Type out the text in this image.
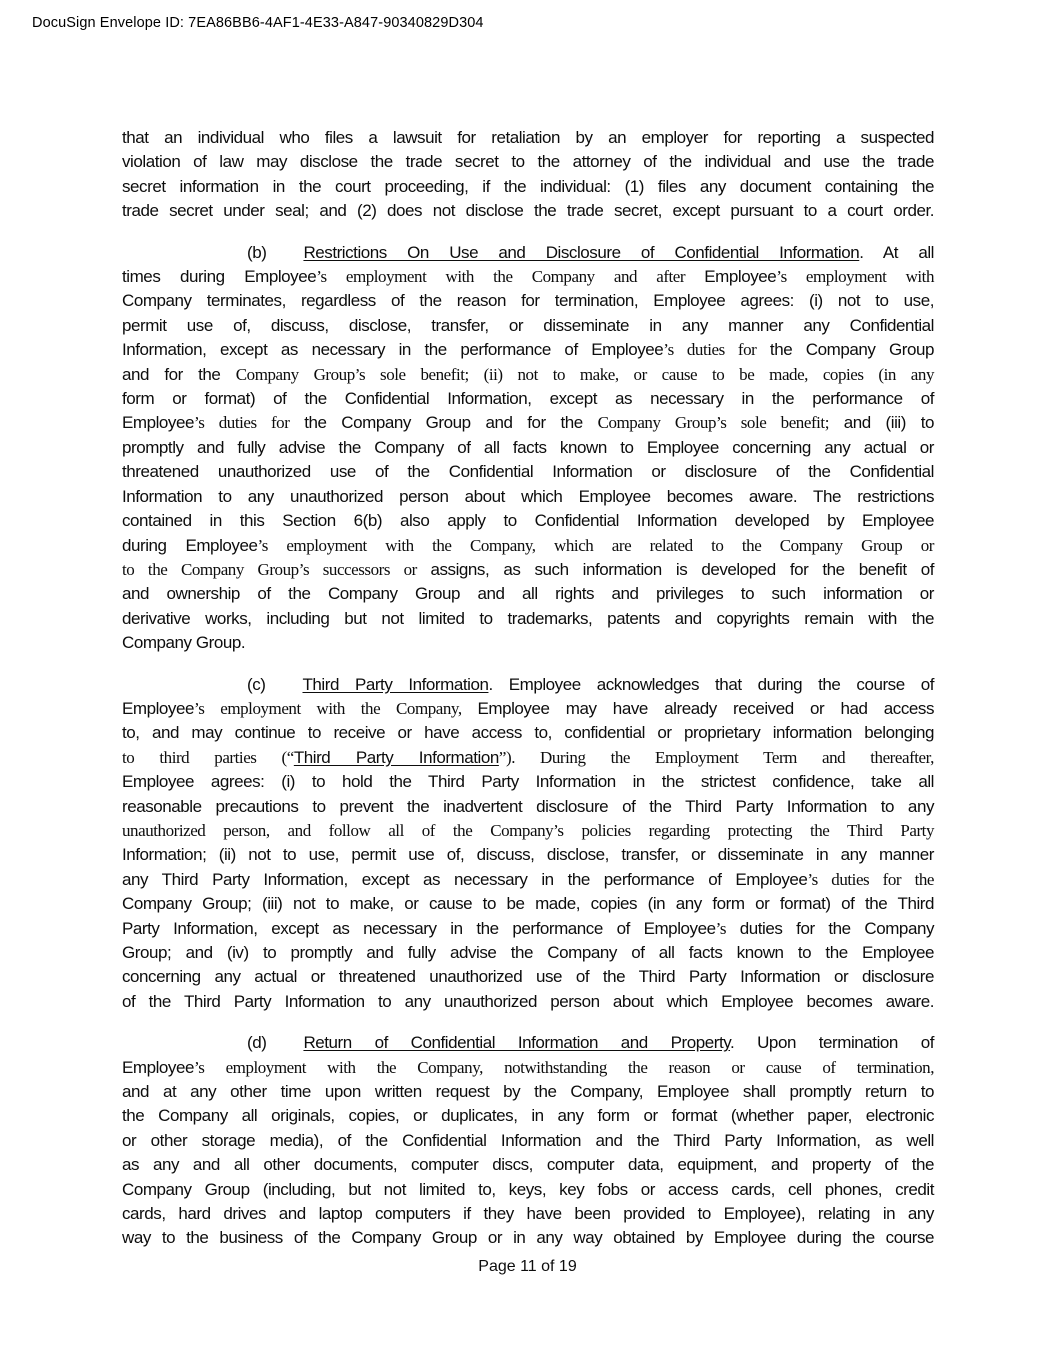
DocuSign Envelope ID: 7EA86BB6-4AF1-4E33-A847-90340829D304
that an individual who files a lawsuit for retaliation by an employer for reporting a suspected
violation of law may disclose the trade secret to the attorney of the individual and use the trade
secret information in the court proceeding, if the individual: (1) files any document containing the
trade secret under seal; and (2) does not disclose the trade secret, except pursuant to a court order.
(b) Restrictions On Use and Disclosure of Confidential Information. At all
times during Employee’s employment with the Company and after Employee’s employment with
Company terminates, regardless of the reason for termination, Employee agrees: (i) not to use,
permit use of, discuss, disclose, transfer, or disseminate in any manner any Confidential
Information, except as necessary in the performance of Employee’s duties for the Company Group
and for the Company Group’s sole benefit; (ii) not to make, or cause to be made, copies (in any
form or format) of the Confidential Information, except as necessary in the performance of
Employee’s duties for the Company Group and for the Company Group’s sole benefit; and (iii) to
promptly and fully advise the Company of all facts known to Employee concerning any actual or
threatened unauthorized use of the Confidential Information or disclosure of the Confidential
Information to any unauthorized person about which Employee becomes aware. The restrictions
contained in this Section 6(b) also apply to Confidential Information developed by Employee
during Employee’s employment with the Company, which are related to the Company Group or
to the Company Group’s successors or assigns, as such information is developed for the benefit of
and ownership of the Company Group and all rights and privileges to such information or
derivative works, including but not limited to trademarks, patents and copyrights remain with the
Company Group.
(c) Third Party Information. Employee acknowledges that during the course of
Employee’s employment with the Company, Employee may have already received or had access
to, and may continue to receive or have access to, confidential or proprietary information belonging
to third parties (“Third Party Information”). During the Employment Term and thereafter,
Employee agrees: (i) to hold the Third Party Information in the strictest confidence, take all
reasonable precautions to prevent the inadvertent disclosure of the Third Party Information to any
unauthorized person, and follow all of the Company’s policies regarding protecting the Third Party
Information; (ii) not to use, permit use of, discuss, disclose, transfer, or disseminate in any manner
any Third Party Information, except as necessary in the performance of Employee’s duties for the
Company Group; (iii) not to make, or cause to be made, copies (in any form or format) of the Third
Party Information, except as necessary in the performance of Employee’s duties for the Company
Group; and (iv) to promptly and fully advise the Company of all facts known to the Employee
concerning any actual or threatened unauthorized use of the Third Party Information or disclosure
of the Third Party Information to any unauthorized person about which Employee becomes aware.
(d) Return of Confidential Information and Property. Upon termination of
Employee’s employment with the Company, notwithstanding the reason or cause of termination,
and at any other time upon written request by the Company, Employee shall promptly return to
the Company all originals, copies, or duplicates, in any form or format (whether paper, electronic
or other storage media), of the Confidential Information and the Third Party Information, as well
as any and all other documents, computer discs, computer data, equipment, and property of the
Company Group (including, but not limited to, keys, key fobs or access cards, cell phones, credit
cards, hard drives and laptop computers if they have been provided to Employee), relating in any
way to the business of the Company Group or in any way obtained by Employee during the course
Page 11 of 19
